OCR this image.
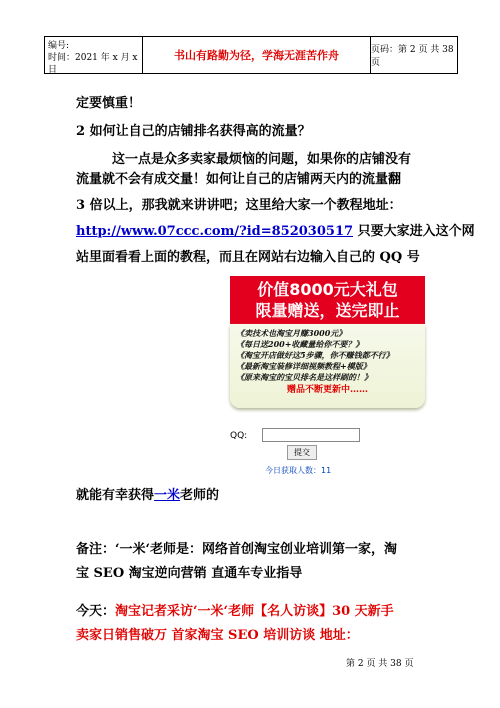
编号:
时间：2021 年 x 月 x 日
书山有路勤为径，学海无涯苦作舟	页码：第 2 页 共 38 页
定要慎重！
2 如何让自己的店铺排名获得高的流量？
这一点是众多卖家最烦恼的问题，如果你的店铺没有
流量就不会有成交量！如何让自己的店铺两天内的流量翻
3 倍以上，那我就来讲讲吧；这里给大家一个教程地址：
http://www.07ccc.com/?id=852030517 只要大家进入这个网
站里面看看上面的教程，而且在网站右边输入自己的 QQ 号
价值8000元大礼包
限量赠送，送完即止
《卖技术也淘宝月赚3000元》
《每日送200+收藏量给你不要？》
《淘宝开店做好这5步骤，你不赚钱都不行》
《最新淘宝装修详细视频教程+模版》
《原来淘宝的宝贝排名是这样刷的！》
赠品不断更新中……
QQ:
提交
今日获取人数：11
就能有幸获得一米老师的
备注：‘一米‘老师是：网络首创淘宝创业培训第一家，淘
宝 SEO 淘宝逆向营销 直通车专业指导
今天：淘宝记者采访‘一米‘老师【名人访谈】30 天新手
卖家日销售破万 首家淘宝 SEO 培训访谈 地址：
第 2 页 共 38 页
